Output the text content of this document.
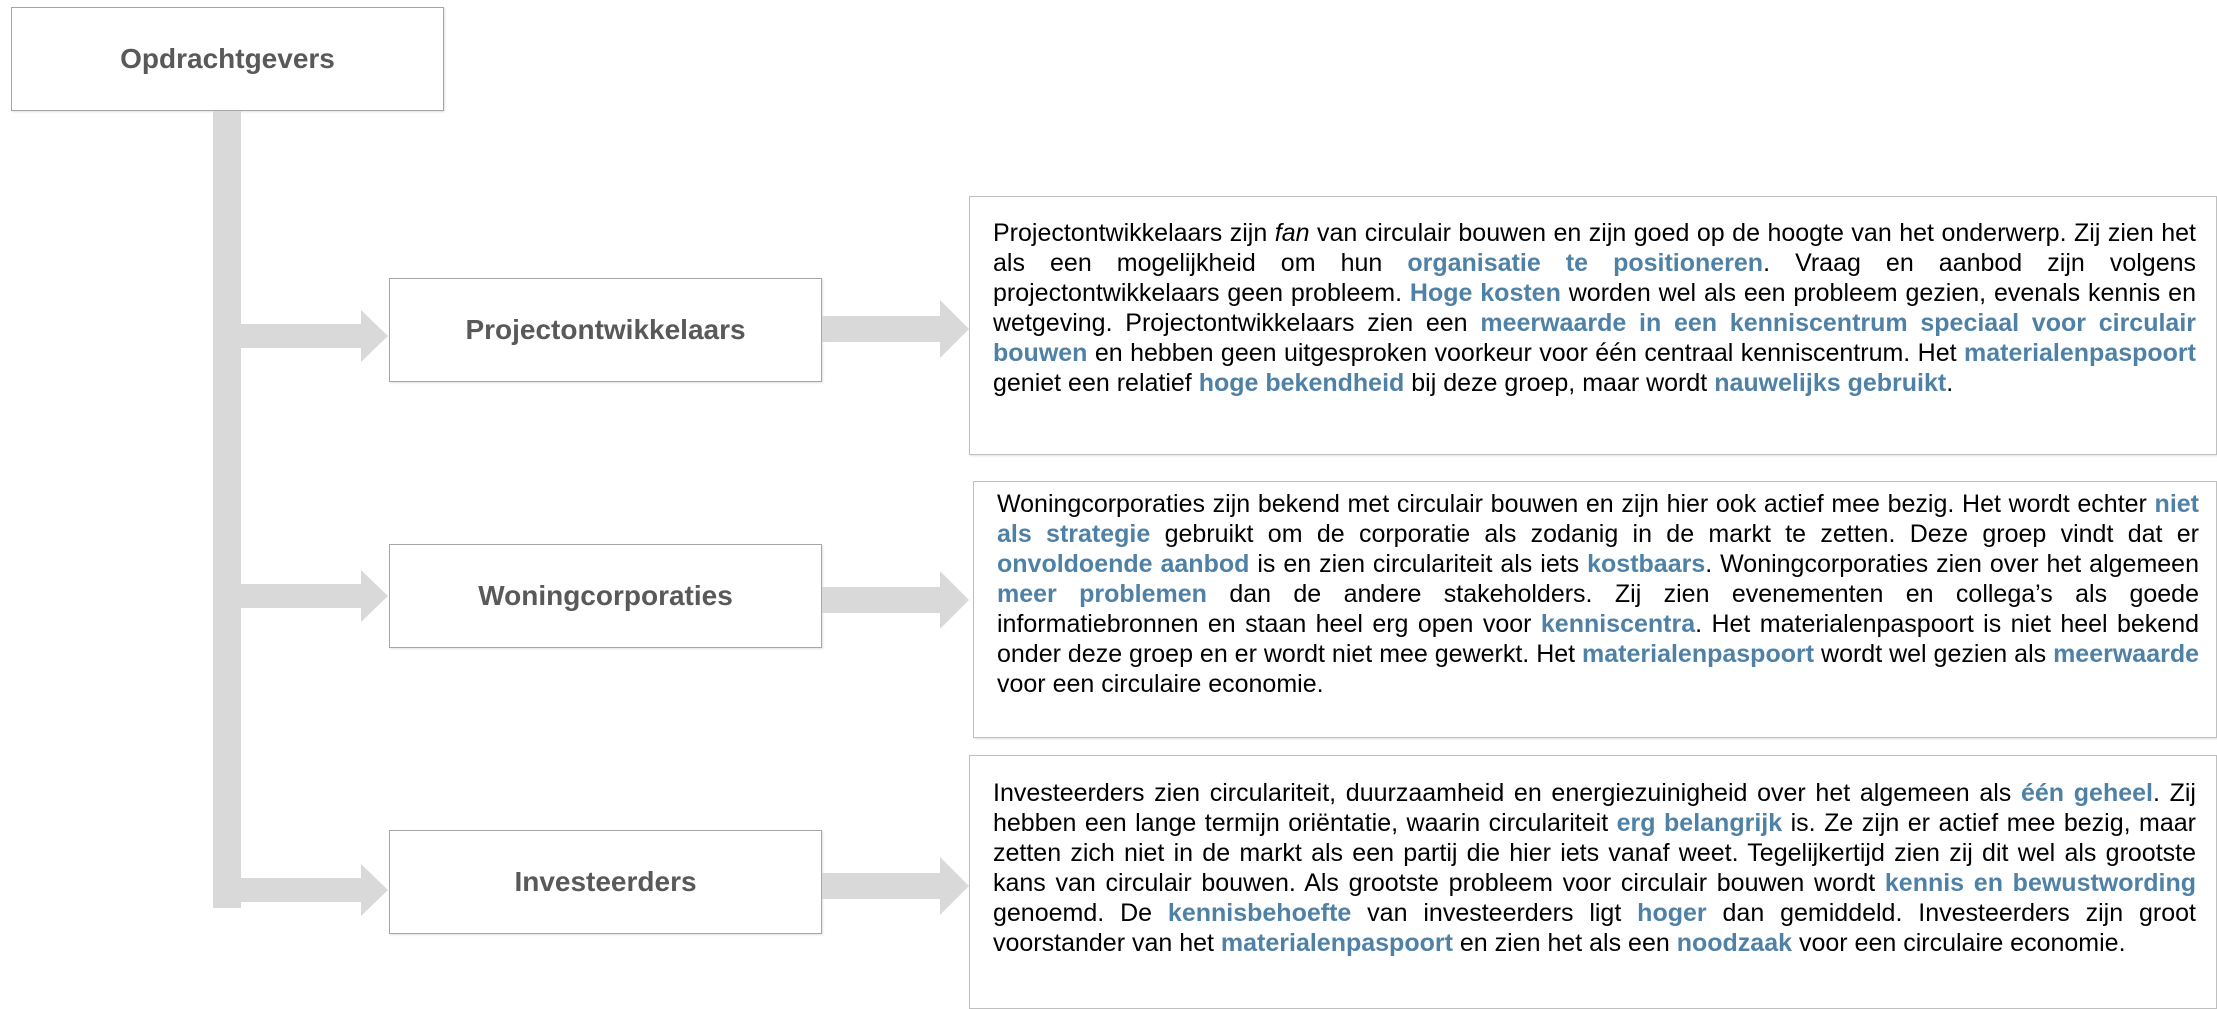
Opdrachtgevers
Projectontwikkelaars
Woningcorporaties
Investeerders

Projectontwikkelaars zijn fan van circulair bouwen en zijn goed op de hoogte van het onderwerp. Zij zien het als een mogelijkheid om hun organisatie te positioneren. Vraag en aanbod zijn volgens projectontwikkelaars geen probleem. Hoge kosten worden wel als een probleem gezien, evenals kennis en wetgeving. Projectontwikkelaars zien een meerwaarde in een kenniscentrum speciaal voor circulair bouwen en hebben geen uitgesproken voorkeur voor één centraal kenniscentrum. Het materialenpaspoort geniet een relatief hoge bekendheid bij deze groep, maar wordt nauwelijks gebruikt.

Woningcorporaties zijn bekend met circulair bouwen en zijn hier ook actief mee bezig. Het wordt echter niet als strategie gebruikt om de corporatie als zodanig in de markt te zetten. Deze groep vindt dat er onvoldoende aanbod is en zien circulariteit als iets kostbaars. Woningcorporaties zien over het algemeen meer problemen dan de andere stakeholders. Zij zien evenementen en collega’s als goede informatiebronnen en staan heel erg open voor kenniscentra. Het materialenpaspoort is niet heel bekend onder deze groep en er wordt niet mee gewerkt. Het materialenpaspoort wordt wel gezien als meerwaarde voor een circulaire economie.

Investeerders zien circulariteit, duurzaamheid en energiezuinigheid over het algemeen als één geheel. Zij hebben een lange termijn oriëntatie, waarin circulariteit erg belangrijk is. Ze zijn er actief mee bezig, maar zetten zich niet in de markt als een partij die hier iets vanaf weet. Tegelijkertijd zien zij dit wel als grootste kans van circulair bouwen. Als grootste probleem voor circulair bouwen wordt kennis en bewustwording genoemd. De kennisbehoefte van investeerders ligt hoger dan gemiddeld. Investeerders zijn groot voorstander van het materialenpaspoort en zien het als een noodzaak voor een circulaire economie.
